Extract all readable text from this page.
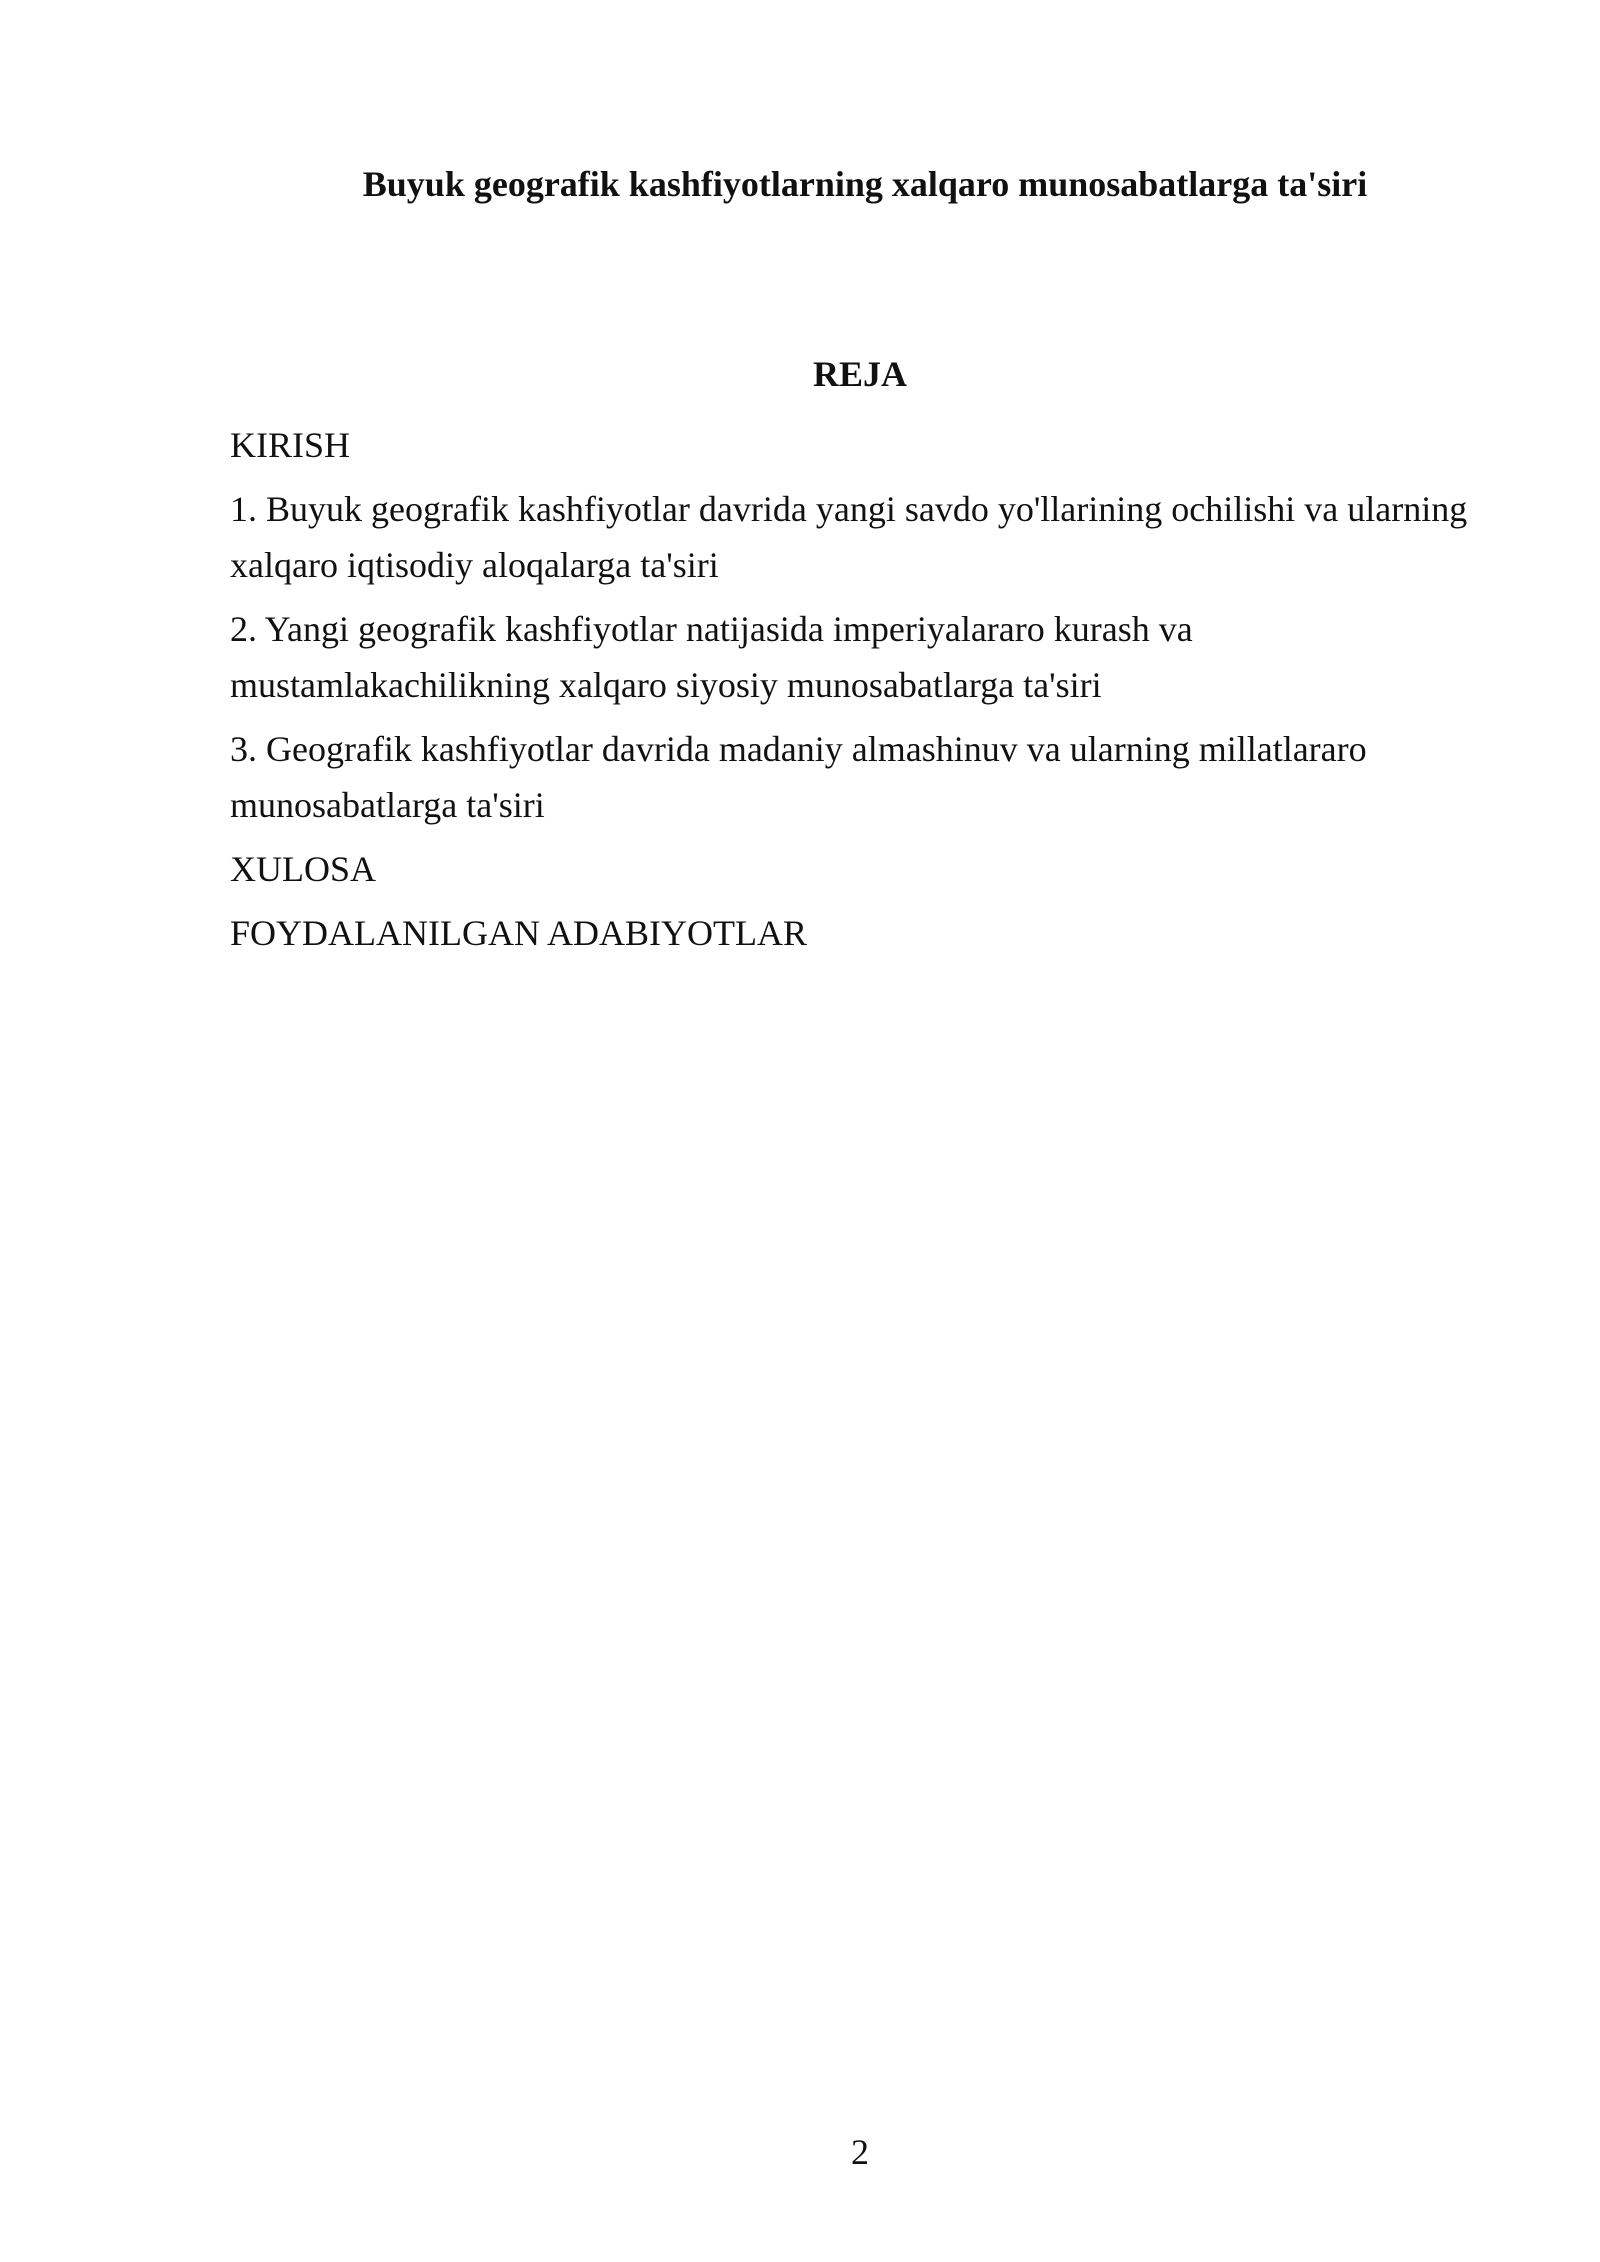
Buyuk geografik kashfiyotlarning xalqaro munosabatlarga ta'siri
REJA
KIRISH
1. Buyuk geografik kashfiyotlar davrida yangi savdo yo'llarining ochilishi va ularning xalqaro iqtisodiy aloqalarga ta'siri
2. Yangi geografik kashfiyotlar natijasida imperiyalararo kurash va mustamlakachilikning xalqaro siyosiy munosabatlarga ta'siri
3. Geografik kashfiyotlar davrida madaniy almashinuv va ularning millatlararo munosabatlarga ta'siri
XULOSA
FOYDALANILGAN ADABIYOTLAR
2
